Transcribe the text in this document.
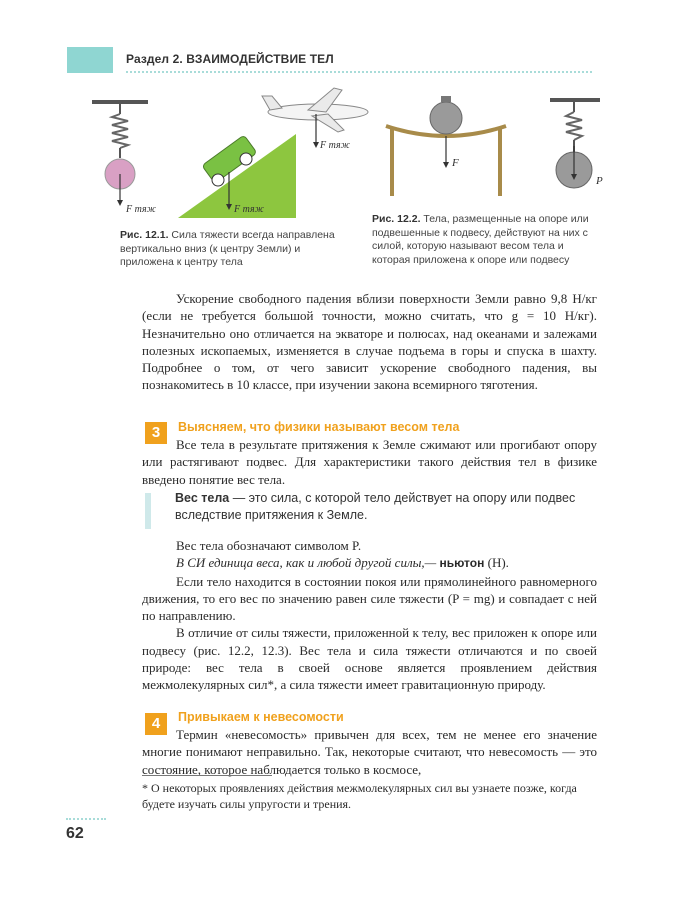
Раздел 2. ВЗАИМОДЕЙСТВИЕ ТЕЛ
F тяж	F тяж
F тяж
F
P
Рис. 12.1. Сила тяжести всегда направлена вертикально вниз (к центру Земли) и приложена к центру тела
Рис. 12.2. Тела, размещенные на опоре или подвешенные к подвесу, действуют на них с силой, которую называют весом тела и которая приложена к опоре или подвесу

Ускорение свободного падения вблизи поверхности Земли равно 9,8 Н/кг (если не требуется большой точности, можно считать, что g = 10 Н/кг). Незначительно оно отличается на экваторе и полюсах, над океанами и залежами полезных ископаемых, изменяется в случае подъема в горы и спуска в шахту. Подробнее о том, от чего зависит ускорение свободного падения, вы познакомитесь в 10 классе, при изучении закона всемирного тяготения.

3	Выясняем, что физики называют весом тела

Все тела в результате притяжения к Земле сжимают или прогибают опору или растягивают подвес. Для характеристики такого действия тел в физике введено понятие вес тела.

Вес тела — это сила, с которой тело действует на опору или подвес вследствие притяжения к Земле.

Вес тела обозначают символом P.

В СИ единица веса, как и любой другой силы,— ньютон (Н).

Если тело находится в состоянии покоя или прямолинейного равномерного движения, то его вес по значению равен силе тяжести (P = mg) и совпадает с ней по направлению.

В отличие от силы тяжести, приложенной к телу, вес приложен к опоре или подвесу (рис. 12.2, 12.3). Вес тела и сила тяжести отличаются и по своей природе: вес тела в своей основе является проявлением действия межмолекулярных сил*, а сила тяжести имеет гравитационную природу.

4	Привыкаем к невесомости

Термин «невесомость» привычен для всех, тем не менее его значение многие понимают неправильно. Так, некоторые считают, что невесомость — это состояние, которое наблюдается только в космосе,

* О некоторых проявлениях действия межмолекулярных сил вы узнаете позже, когда будете изучать силы упругости и трения.
62
